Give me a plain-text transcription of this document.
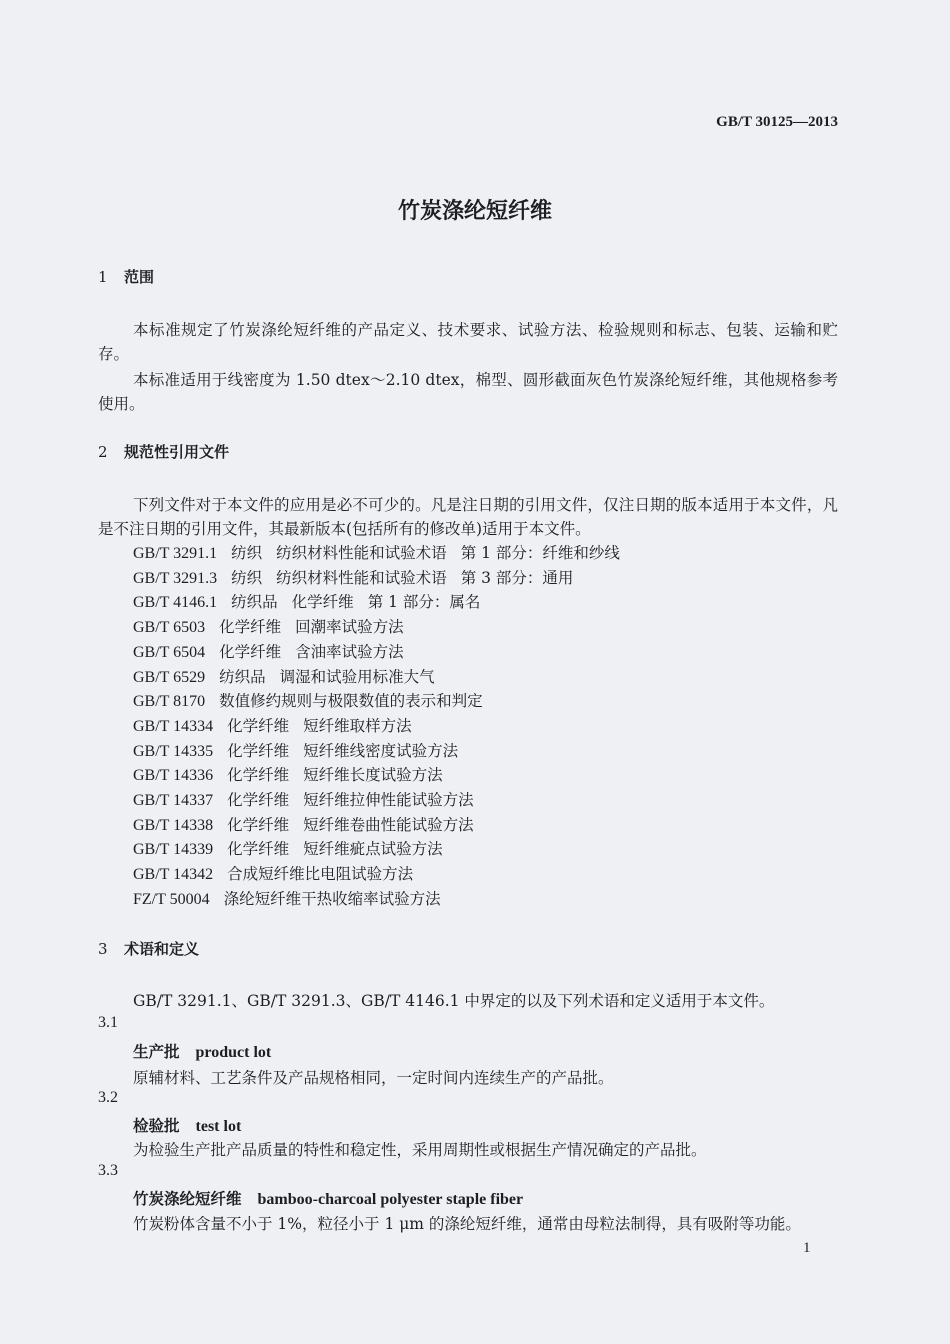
GB/T 30125—2013
竹炭涤纶短纤维
1 范围
本标准规定了竹炭涤纶短纤维的产品定义、技术要求、试验方法、检验规则和标志、包装、运输和贮存。
本标准适用于线密度为 1.50 dtex～2.10 dtex，棉型、圆形截面灰色竹炭涤纶短纤维，其他规格参考使用。
2 规范性引用文件
下列文件对于本文件的应用是必不可少的。凡是注日期的引用文件，仅注日期的版本适用于本文件，凡是不注日期的引用文件，其最新版本(包括所有的修改单)适用于本文件。
GB/T 3291.1 纺织 纺织材料性能和试验术语 第 1 部分：纤维和纱线
GB/T 3291.3 纺织 纺织材料性能和试验术语 第 3 部分：通用
GB/T 4146.1 纺织品 化学纤维 第 1 部分：属名
GB/T 6503 化学纤维 回潮率试验方法
GB/T 6504 化学纤维 含油率试验方法
GB/T 6529 纺织品 调湿和试验用标准大气
GB/T 8170 数值修约规则与极限数值的表示和判定
GB/T 14334 化学纤维 短纤维取样方法
GB/T 14335 化学纤维 短纤维线密度试验方法
GB/T 14336 化学纤维 短纤维长度试验方法
GB/T 14337 化学纤维 短纤维拉伸性能试验方法
GB/T 14338 化学纤维 短纤维卷曲性能试验方法
GB/T 14339 化学纤维 短纤维疵点试验方法
GB/T 14342 合成短纤维比电阻试验方法
FZ/T 50004 涤纶短纤维干热收缩率试验方法
3 术语和定义
GB/T 3291.1、GB/T 3291.3、GB/T 4146.1 中界定的以及下列术语和定义适用于本文件。
3.1
生产批 product lot
原辅材料、工艺条件及产品规格相同，一定时间内连续生产的产品批。
3.2
检验批 test lot
为检验生产批产品质量的特性和稳定性，采用周期性或根据生产情况确定的产品批。
3.3
竹炭涤纶短纤维 bamboo-charcoal polyester staple fiber
竹炭粉体含量不小于 1%，粒径小于 1 μm 的涤纶短纤维，通常由母粒法制得，具有吸附等功能。
1
